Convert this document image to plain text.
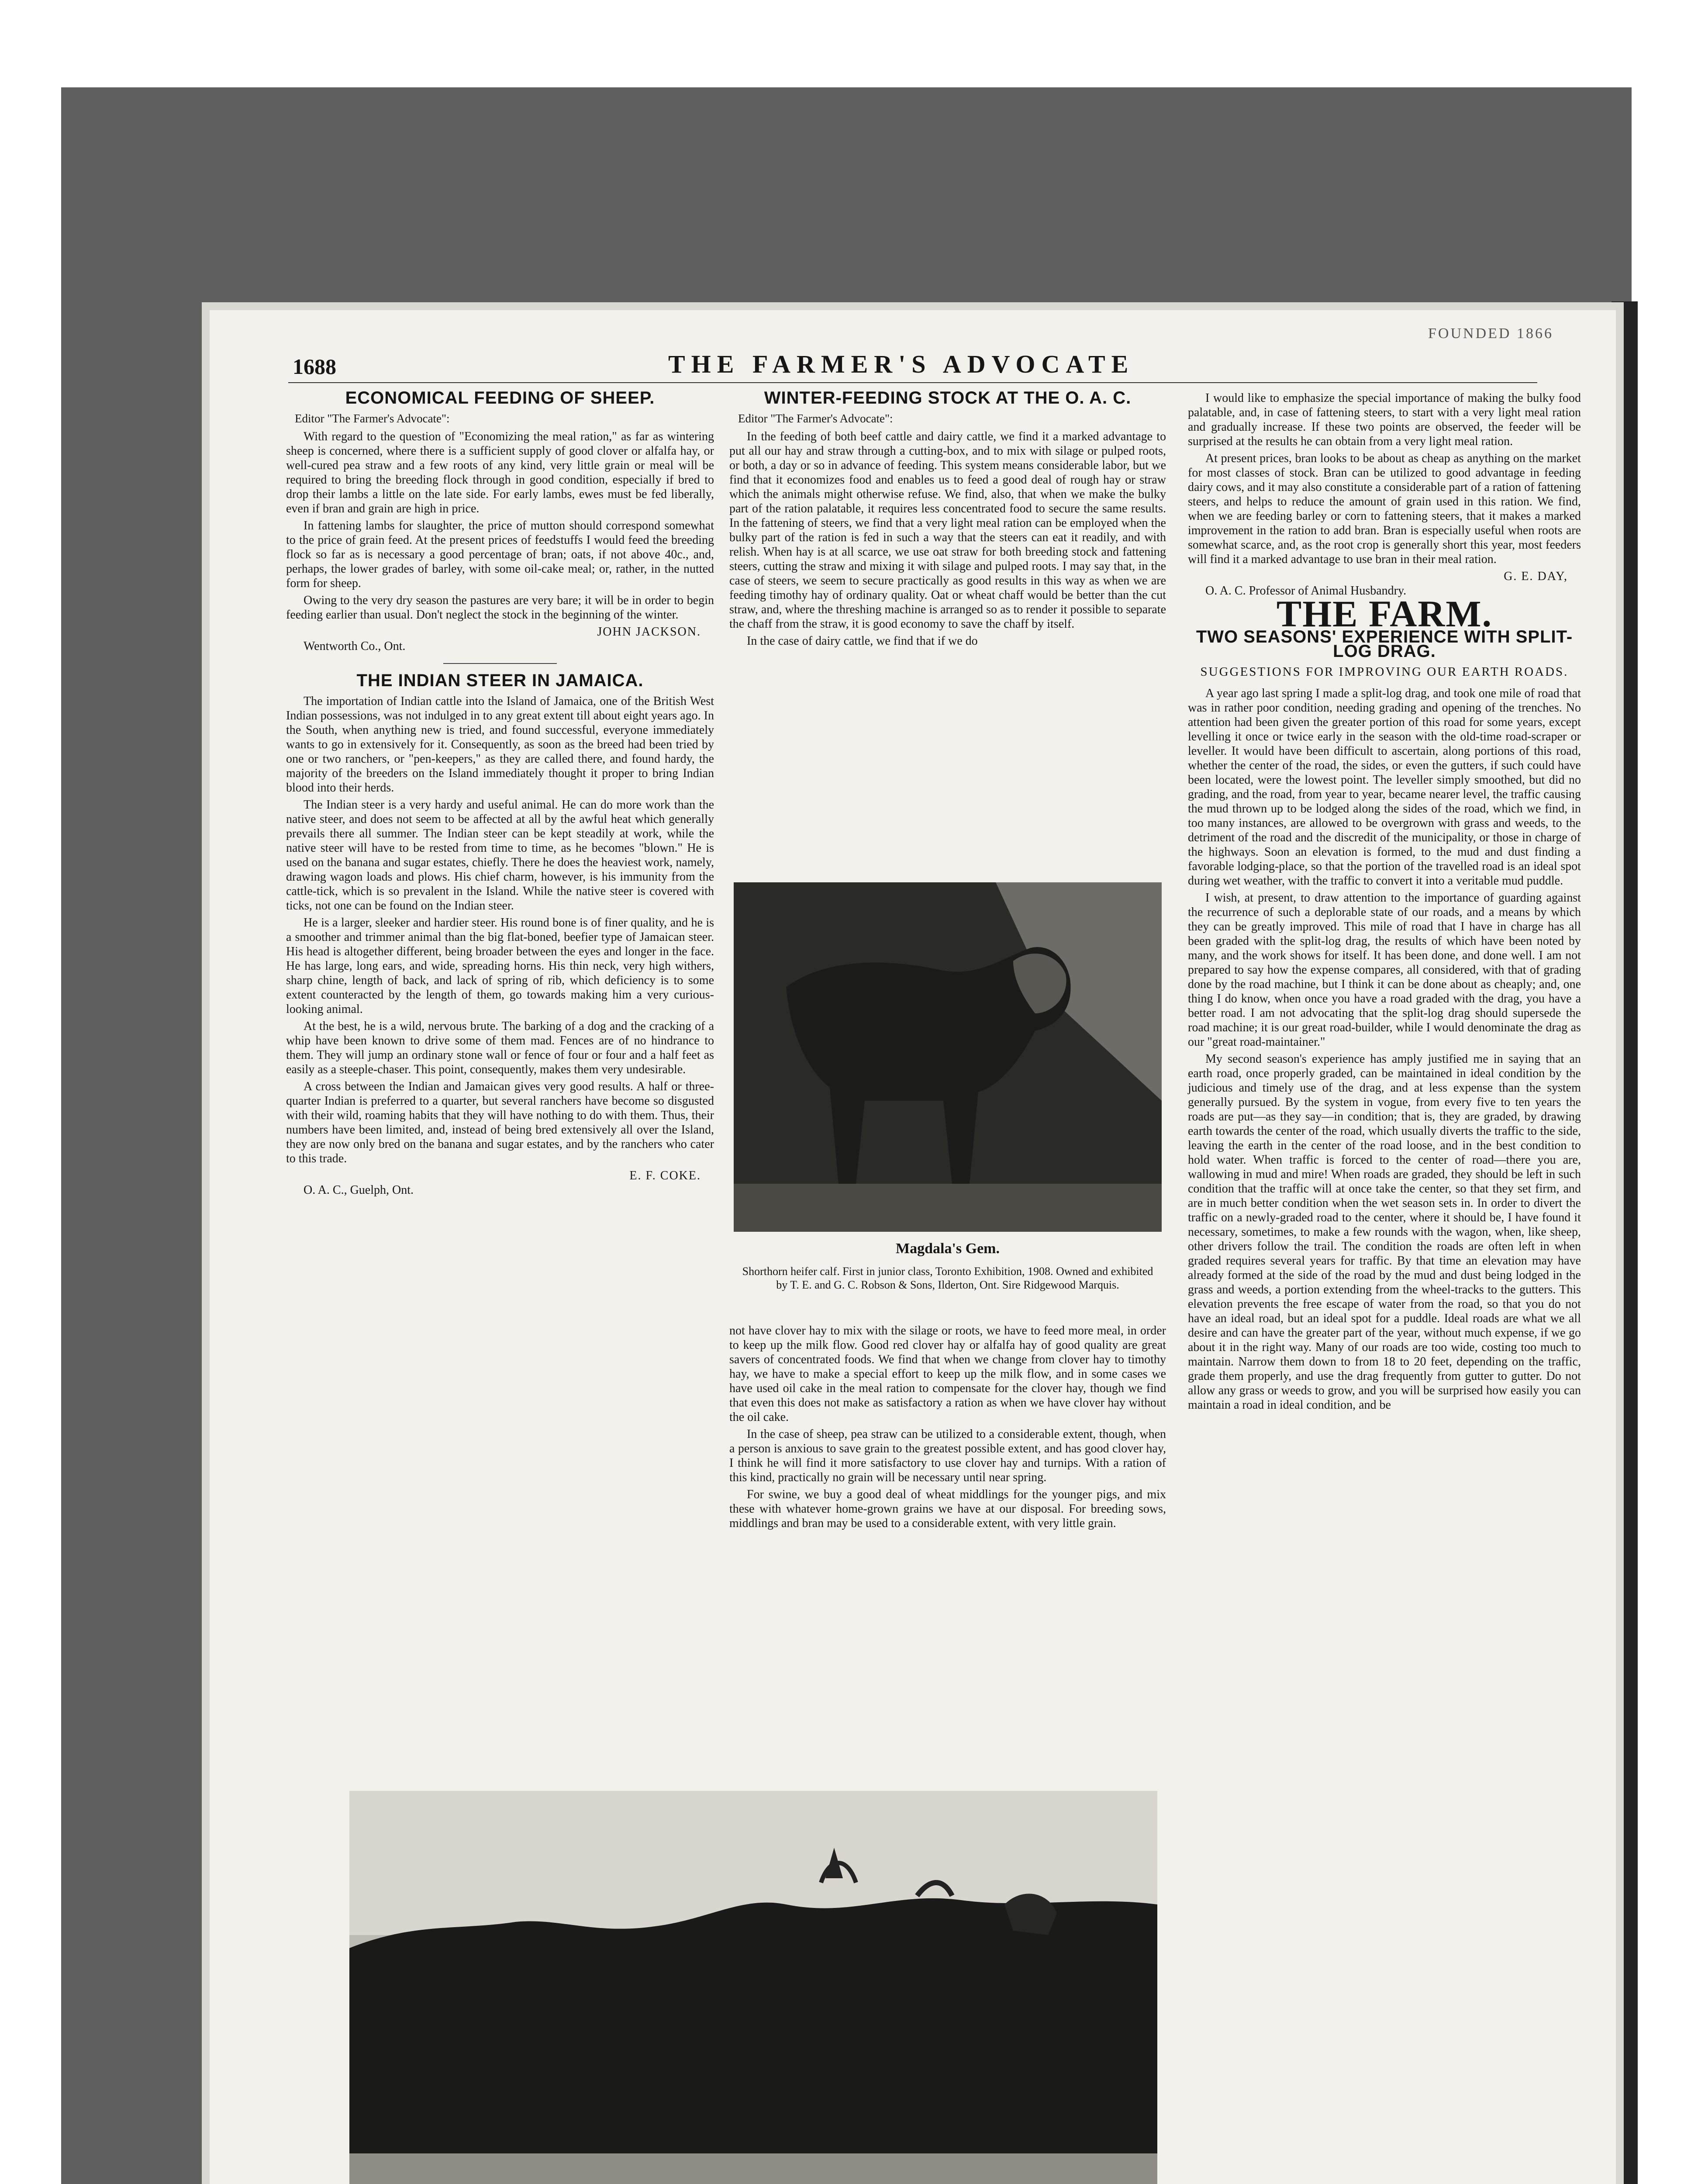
1688	THE FARMER'S ADVOCATE
FOUNDED 1866
ECONOMICAL FEEDING OF SHEEP.
Editor "The Farmer's Advocate":

With regard to the question of "Economizing the meal ration," as far as wintering sheep is concerned, where there is a sufficient supply of good clover or alfalfa hay, or well-cured pea straw and a few roots of any kind, very little grain or meal will be required to bring the breeding flock through in good condition, especially if bred to drop their lambs a little on the late side. For early lambs, ewes must be fed liberally, even if bran and grain are high in price.

In fattening lambs for slaughter, the price of mutton should correspond somewhat to the price of grain feed. At the present prices of feedstuffs I would feed the breeding flock so far as is necessary a good percentage of bran; oats, if not above 40c., and, perhaps, the lower grades of barley, with some oil-cake meal; or, rather, in the nutted form for sheep.

Owing to the very dry season the pastures are very bare; it will be in order to begin feeding earlier than usual. Don't neglect the stock in the beginning of the winter.

JOHN JACKSON.
Wentworth Co., Ont.
THE INDIAN STEER IN JAMAICA.

The importation of Indian cattle into the Island of Jamaica, one of the British West Indian possessions, was not indulged in to any great extent till about eight years ago. In the South, when anything new is tried, and found successful, everyone immediately wants to go in extensively for it. Consequently, as soon as the breed had been tried by one or two ranchers, or "pen-keepers," as they are called there, and found hardy, the majority of the breeders on the Island immediately thought it proper to bring Indian blood into their herds.

The Indian steer is a very hardy and useful animal. He can do more work than the native steer, and does not seem to be affected at all by the awful heat which generally prevails there all summer. The Indian steer can be kept steadily at work, while the native steer will have to be rested from time to time, as he becomes "blown." He is used on the banana and sugar estates, chiefly. There he does the heaviest work, namely, drawing wagon loads and plows. His chief charm, however, is his immunity from the cattle-tick, which is so prevalent in the Island. While the native steer is covered with ticks, not one can be found on the Indian steer.

He is a larger, sleeker and hardier steer. His round bone is of finer quality, and he is a smoother and trimmer animal than the big flat-boned, beefier type of Jamaican steer. His head is altogether different, being broader between the eyes and longer in the face. He has large, long ears, and wide, spreading horns. His thin neck, very high withers, sharp chine, length of back, and lack of spring of rib, which deficiency is to some extent counteracted by the length of them, go towards making him a very curious-looking animal.

At the best, he is a wild, nervous brute. The barking of a dog and the cracking of a whip have been known to drive some of them mad. Fences are of no hindrance to them. They will jump an ordinary stone wall or fence of four or four and a half feet as easily as a steeple-chaser. This point, consequently, makes them very undesirable.

A cross between the Indian and Jamaican gives very good results. A half or three-quarter Indian is preferred to a quarter, but several ranchers have become so disgusted with their wild, roaming habits that they will have nothing to do with them. Thus, their numbers have been limited, and, instead of being bred extensively all over the Island, they are now only bred on the banana and sugar estates, and by the ranchers who cater to this trade.

E. F. COKE.
O. A. C., Guelph, Ont.
WINTER-FEEDING STOCK AT THE O. A. C.
Editor "The Farmer's Advocate":

In the feeding of both beef cattle and dairy cattle, we find it a marked advantage to put all our hay and straw through a cutting-box, and to mix with silage or pulped roots, or both, a day or so in advance of feeding. This system means considerable labor, but we find that it economizes food and enables us to feed a good deal of rough hay or straw which the animals might otherwise refuse. We find, also, that when we make the bulky part of the ration palatable, it requires less concentrated food to secure the same results. In the fattening of steers, we find that a very light meal ration can be employed when the bulky part of the ration is fed in such a way that the steers can eat it readily, and with relish. When hay is at all scarce, we use oat straw for both breeding stock and fattening steers, cutting the straw and mixing it with silage and pulped roots. I may say that, in the case of steers, we seem to secure practically as good results in this way as when we are feeding timothy hay of ordinary quality. Oat or wheat chaff would be better than the cut straw, and, where the threshing machine is arranged so as to render it possible to separate the chaff from the straw, it is good economy to save the chaff by itself.

In the case of dairy cattle, we find that if we do

Magdala's Gem.
Shorthorn heifer calf. First in junior class, Toronto Exhibition, 1908. Owned and exhibited by T. E. and G. C. Robson & Sons, Ilderton, Ont. Sire Ridgewood Marquis.

not have clover hay to mix with the silage or roots, we have to feed more meal, in order to keep up the milk flow. Good red clover hay or alfalfa hay of good quality are great savers of concentrated foods. We find that when we change from clover hay to timothy hay, we have to make a special effort to keep up the milk flow, and in some cases we have used oil cake in the meal ration to compensate for the clover hay, though we find that even this does not make as satisfactory a ration as when we have clover hay without the oil cake.

In the case of sheep, pea straw can be utilized to a considerable extent, though, when a person is anxious to save grain to the greatest possible extent, and has good clover hay, I think he will find it more satisfactory to use clover hay and turnips. With a ration of this kind, practically no grain will be necessary until near spring.

For swine, we buy a good deal of wheat middlings for the younger pigs, and mix these with whatever home-grown grains we have at our disposal. For breeding sows, middlings and bran may be used to a considerable extent, with very little grain.

I would like to emphasize the special importance of making the bulky food palatable, and, in case of fattening steers, to start with a very light meal ration and gradually increase. If these two points are observed, the feeder will be surprised at the results he can obtain from a very light meal ration.

At present prices, bran looks to be about as cheap as anything on the market for most classes of stock. Bran can be utilized to good advantage in feeding dairy cows, and it may also constitute a considerable part of a ration of fattening steers, and helps to reduce the amount of grain used in this ration. We find, when we are feeding barley or corn to fattening steers, that it makes a marked improvement in the ration to add bran. Bran is especially useful when roots are somewhat scarce, and, as the root crop is generally short this year, most feeders will find it a marked advantage to use bran in their meal ration.

G. E. DAY,
O. A. C. Professor of Animal Husbandry.
THE FARM.
TWO SEASONS' EXPERIENCE WITH SPLIT-LOG DRAG.
SUGGESTIONS FOR IMPROVING OUR EARTH ROADS.

A year ago last spring I made a split-log drag, and took one mile of road that was in rather poor condition, needing grading and opening of the trenches. No attention had been given the greater portion of this road for some years, except levelling it once or twice early in the season with the old-time road-scraper or leveller. It would have been difficult to ascertain, along portions of this road, whether the center of the road, the sides, or even the gutters, if such could have been located, were the lowest point. The leveller simply smoothed, but did no grading, and the road, from year to year, became nearer level, the traffic causing the mud thrown up to be lodged along the sides of the road, which we find, in too many instances, are allowed to be overgrown with grass and weeds, to the detriment of the road and the discredit of the municipality, or those in charge of the highways. Soon an elevation is formed, to the mud and dust finding a favorable lodging-place, so that the portion of the travelled road is an ideal spot during wet weather, with the traffic to convert it into a veritable mud puddle.

I wish, at present, to draw attention to the importance of guarding against the recurrence of such a deplorable state of our roads, and a means by which they can be greatly improved. This mile of road that I have in charge has all been graded with the split-log drag, the results of which have been noted by many, and the work shows for itself. It has been done, and done well. I am not prepared to say how the expense compares, all considered, with that of grading done by the road machine, but I think it can be done about as cheaply; and, one thing I do know, when once you have a road graded with the drag, you have a better road. I am not advocating that the split-log drag should supersede the road machine; it is our great road-builder, while I would denominate the drag as our "great road-maintainer."

My second season's experience has amply justified me in saying that an earth road, once properly graded, can be maintained in ideal condition by the judicious and timely use of the drag, and at less expense than the system generally pursued. By the system in vogue, from every five to ten years the roads are put—as they say—in condition; that is, they are graded, by drawing earth towards the center of the road, which usually diverts the traffic to the side, leaving the earth in the center of the road loose, and in the best condition to hold water. When traffic is forced to the center of road—there you are, wallowing in mud and mire! When roads are graded, they should be left in such condition that the traffic will at once take the center, so that they set firm, and are in much better condition when the wet season sets in. In order to divert the traffic on a newly-graded road to the center, where it should be, I have found it necessary, sometimes, to make a few rounds with the wagon, when, like sheep, other drivers follow the trail. The condition the roads are often left in when graded requires several years for traffic. By that time an elevation may have already formed at the side of the road by the mud and dust being lodged in the grass and weeds, a portion extending from the wheel-tracks to the gutters. This elevation prevents the free escape of water from the road, so that you do not have an ideal road, but an ideal spot for a puddle. Ideal roads are what we all desire and can have the greater part of the year, without much expense, if we go about it in the right way. Many of our roads are too wide, costing too much to maintain. Narrow them down to from 18 to 20 feet, depending on the traffic, grade them properly, and use the drag frequently from gutter to gutter. Do not allow any grass or weeds to grow, and you will be surprised how easily you can maintain a road in ideal condition, and be
